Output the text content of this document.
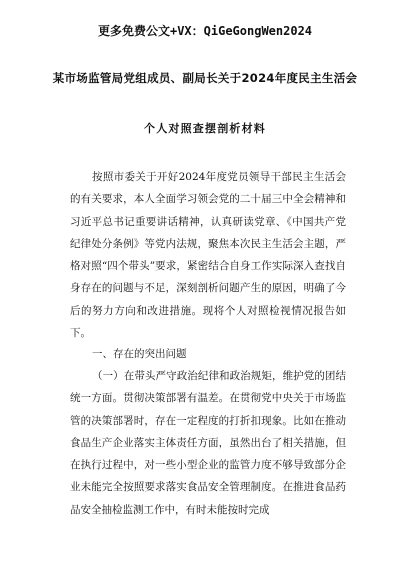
更多免费公文+VX：QiGeGongWen2024
某市场监管局党组成员、副局长关于2024年度民主生活会
个人对照查摆剖析材料
按照市委关于开好2024年度党员领导干部民主生活会的有关要求，本人全面学习领会党的二十届三中全会精神和习近平总书记重要讲话精神，认真研读党章、《中国共产党纪律处分条例》等党内法规，聚焦本次民主生活会主题，严格对照“四个带头”要求，紧密结合自身工作实际深入查找自身存在的问题与不足，深刻剖析问题产生的原因，明确了今后的努力方向和改进措施。现将个人对照检视情况报告如下。
一、存在的突出问题
（一）在带头严守政治纪律和政治规矩，维护党的团结统一方面。贯彻决策部署有温差。在贯彻党中央关于市场监管的决策部署时，存在一定程度的打折扣现象。比如在推动食品生产企业落实主体责任方面，虽然出台了相关措施，但在执行过程中，对一些小型企业的监管力度不够导致部分企业未能完全按照要求落实食品安全管理制度。在推进食品药品安全抽检监测工作中，有时未能按时完成
